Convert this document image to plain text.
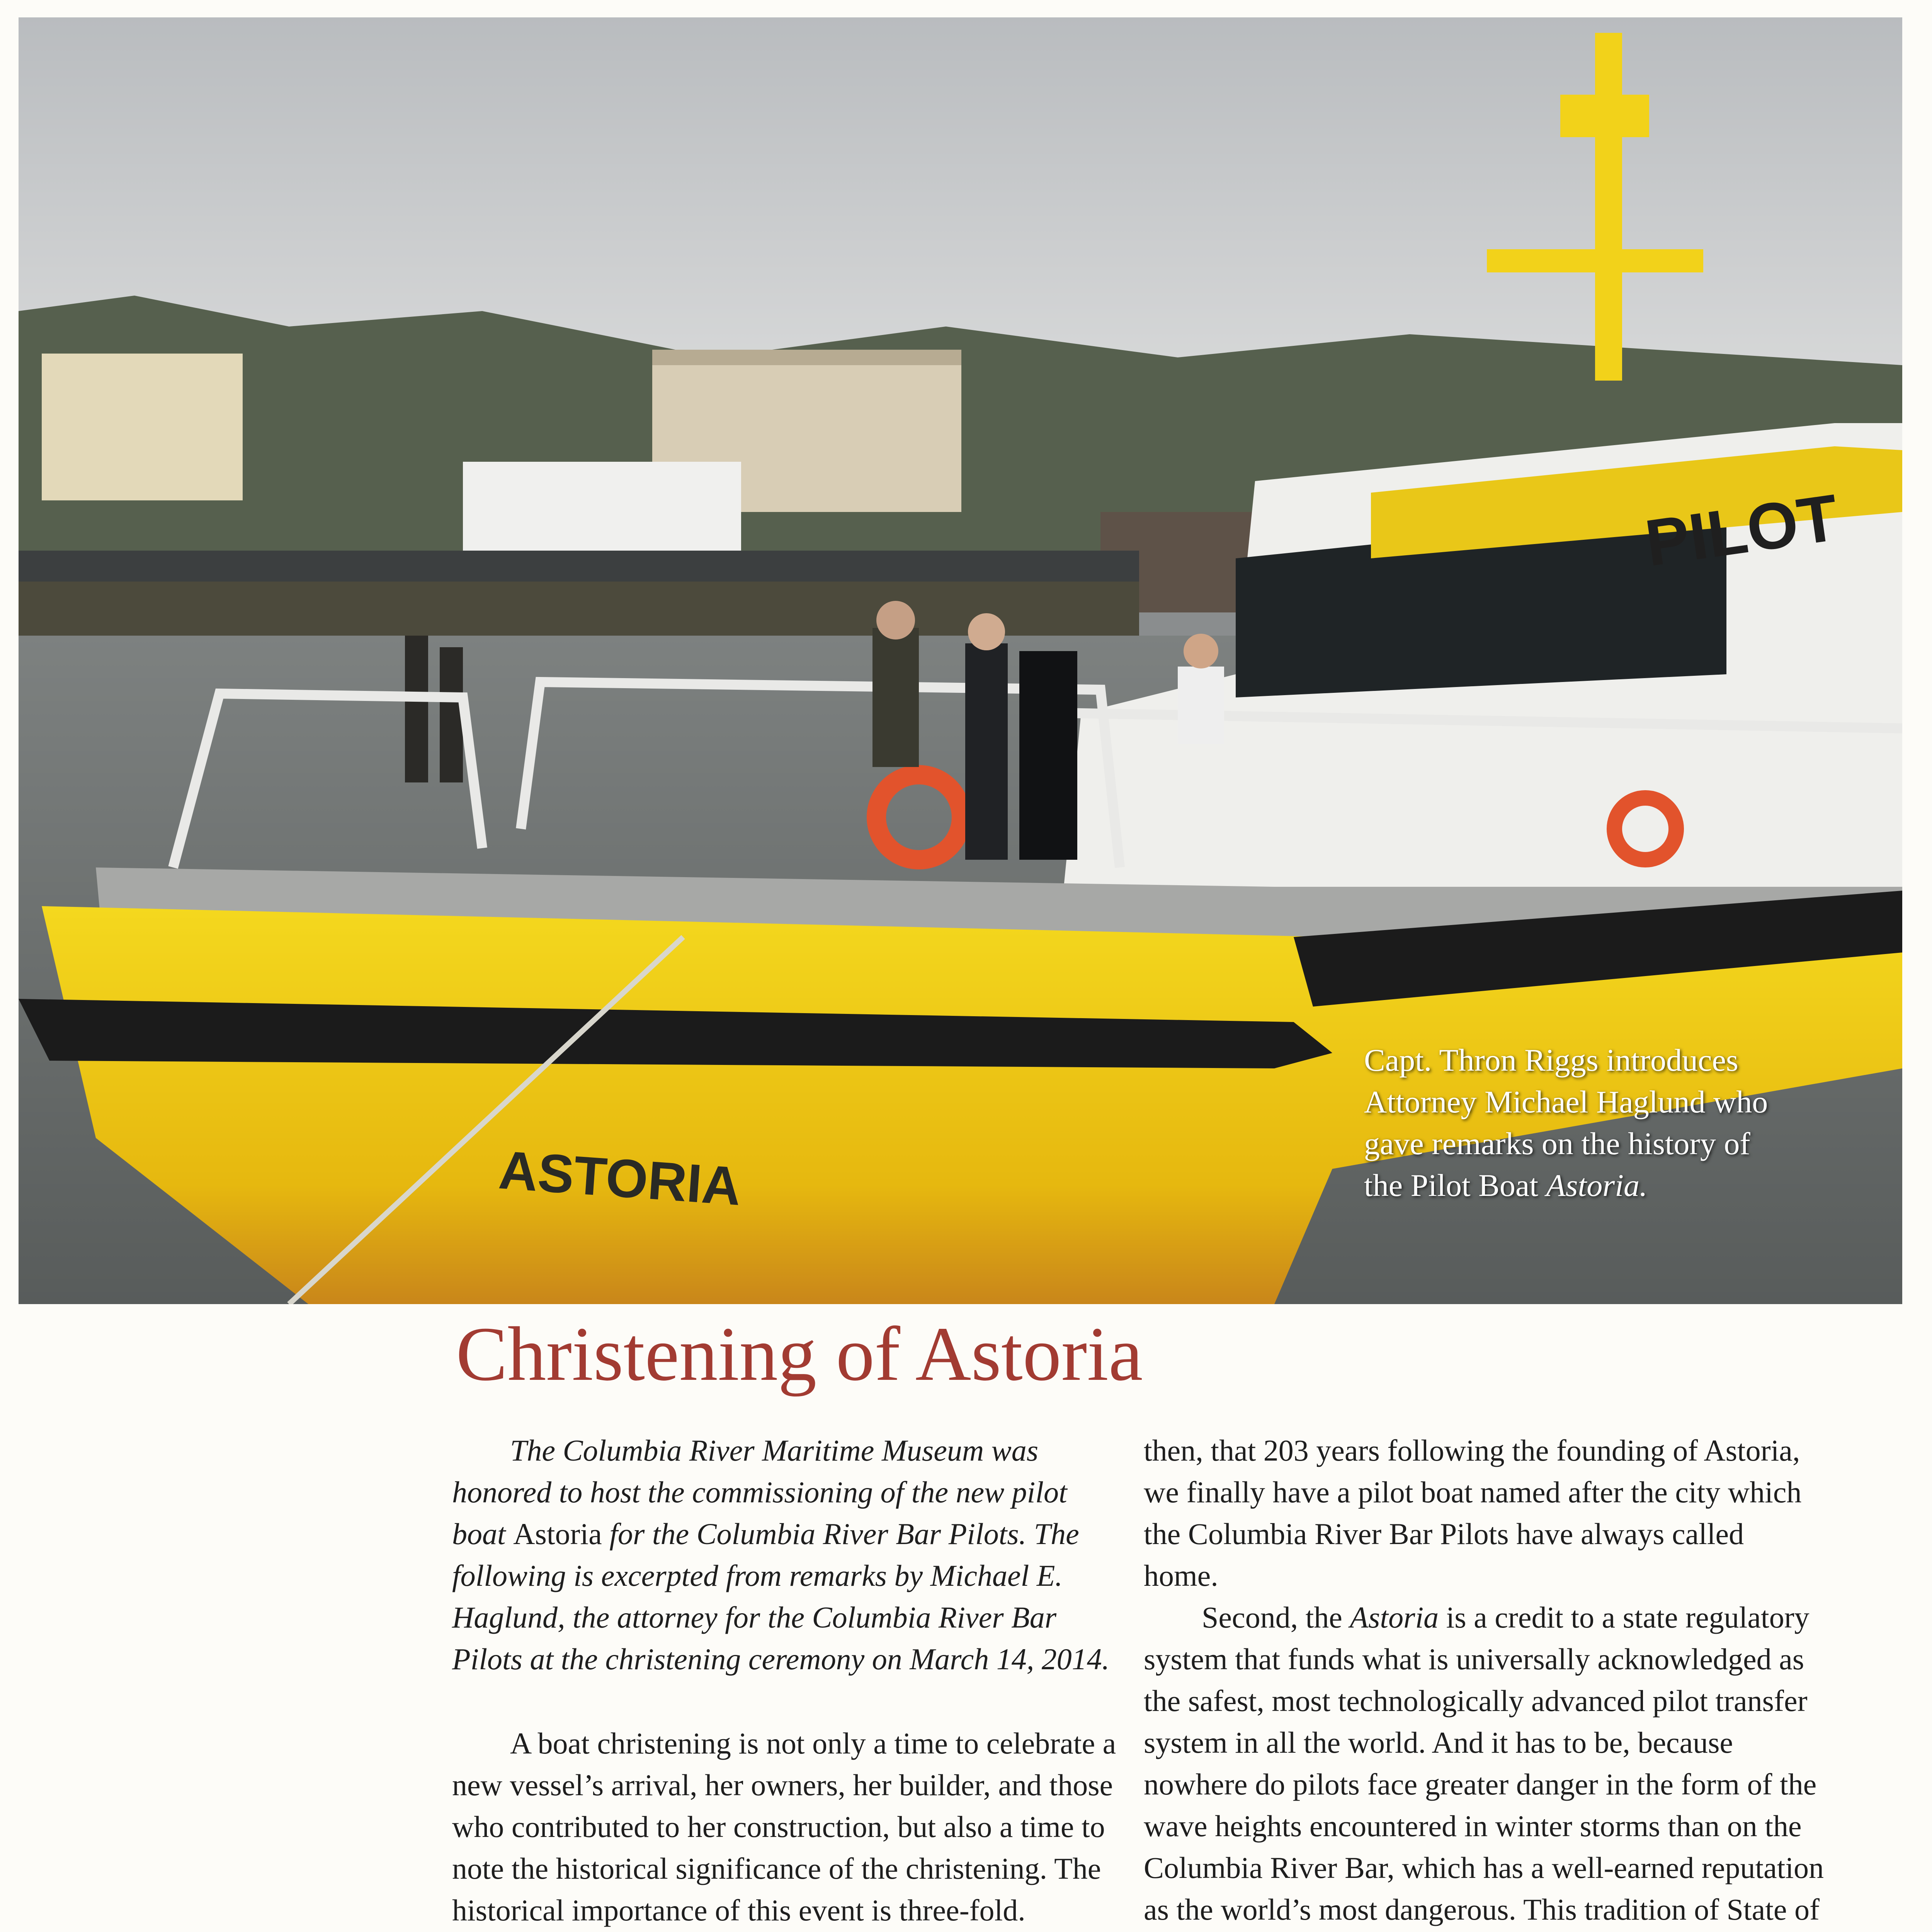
PILOT
ASTORIA
Capt. Thron Riggs introduces
Attorney Michael Haglund who
gave remarks on the history of
the Pilot Boat Astoria.
Christening of Astoria

The Columbia River Maritime Museum was honored to host the commissioning of the new pilot boat Astoria for the Columbia River Bar Pilots. The following is excerpted from remarks by Michael E. Haglund, the attorney for the Columbia River Bar Pilots at the christening ceremony on March 14, 2014.

A boat christening is not only a time to celebrate a new vessel’s arrival, her owners, her builder, and those who contributed to her construction, but also a time to note the historical significance of the christening. The historical importance of this event is three-fold.

then, that 203 years following the founding of Astoria, we finally have a pilot boat named after the city which the Columbia River Bar Pilots have always called home.

Second, the Astoria is a credit to a state regulatory system that funds what is universally acknowledged as the safest, most technologically advanced pilot transfer system in all the world. And it has to be, because nowhere do pilots face greater danger in the form of the wave heights encountered in winter storms than on the Columbia River Bar, which has a well-earned reputation as the world’s most dangerous. This tradition of State of
